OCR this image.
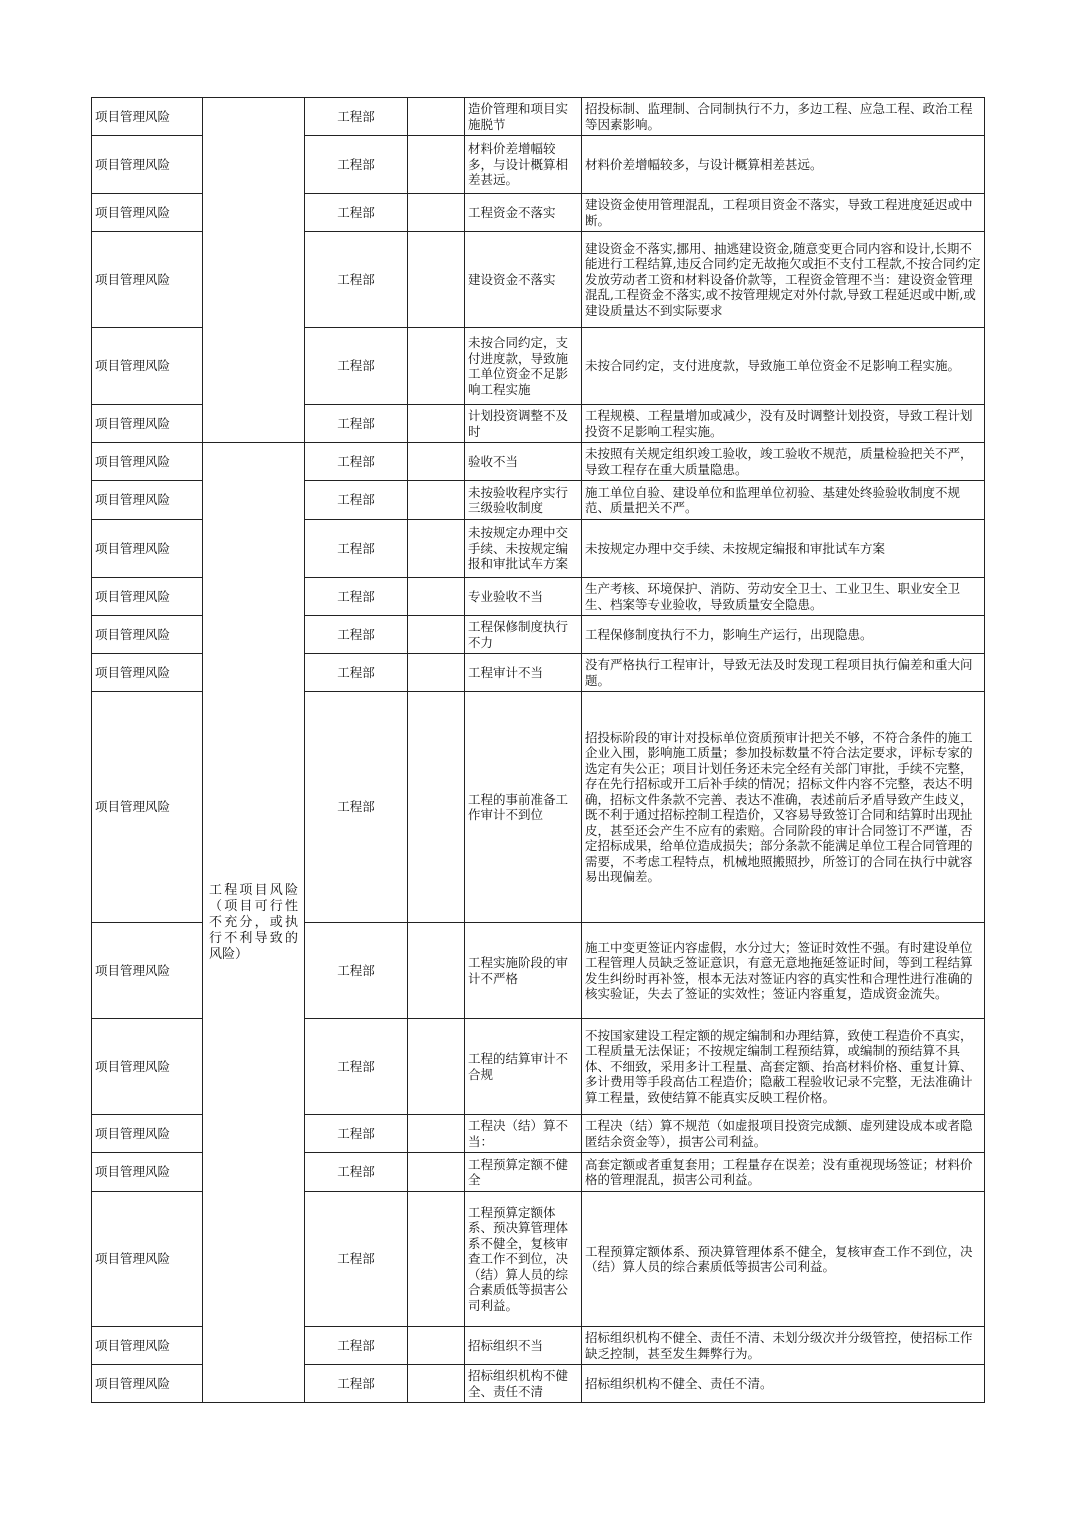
项目管理风险		工程部		造价管理和项目实施脱节	招投标制、监理制、合同制执行不力，多边工程、应急工程、政治工程等因素影响。
项目管理风险		工程部		材料价差增幅较多，与设计概算相差甚远。	材料价差增幅较多，与设计概算相差甚远。
项目管理风险		工程部		工程资金不落实	建设资金使用管理混乱，工程项目资金不落实，导致工程进度延迟或中断。
项目管理风险		工程部		建设资金不落实	建设资金不落实,挪用、抽逃建设资金,随意变更合同内容和设计,长期不能进行工程结算,违反合同约定无故拖欠或拒不支付工程款,不按合同约定发放劳动者工资和材料设备价款等，工程资金管理不当：建设资金管理混乱,工程资金不落实,或不按管理规定对外付款,导致工程延迟或中断,或建设质量达不到实际要求

项目管理风险		工程部		未按合同约定，支付进度款，导致施工单位资金不足影响工程实施	未按合同约定，支付进度款，导致施工单位资金不足影响工程实施。
项目管理风险		工程部		计划投资调整不及时	工程规模、工程量增加或减少，没有及时调整计划投资，导致工程计划投资不足影响工程实施。
项目管理风险	工程项目风险（项目可行性不充分，或执行不利导致的风险）	工程部		验收不当	未按照有关规定组织竣工验收，竣工验收不规范，质量检验把关不严，导致工程存在重大质量隐患。
项目管理风险		工程部		未按验收程序实行三级验收制度	施工单位自验、建设单位和监理单位初验、基建处终验验收制度不规范、质量把关不严。
项目管理风险		工程部		未按规定办理中交手续、未按规定编报和审批试车方案	未按规定办理中交手续、未按规定编报和审批试车方案
项目管理风险		工程部		专业验收不当	生产考核、环境保护、消防、劳动安全卫士、工业卫生、职业安全卫生、档案等专业验收，导致质量安全隐患。
项目管理风险		工程部		工程保修制度执行不力	工程保修制度执行不力，影响生产运行，出现隐患。
项目管理风险		工程部		工程审计不当	没有严格执行工程审计，导致无法及时发现工程项目执行偏差和重大问题。
项目管理风险		工程部		工程的事前准备工作审计不到位	招投标阶段的审计对投标单位资质预审计把关不够，不符合条件的施工企业入围，影响施工质量；参加投标数量不符合法定要求，评标专家的选定有失公正；项目计划任务还未完全经有关部门审批，手续不完整，存在先行招标或开工后补手续的情况；招标文件内容不完整，表达不明确，招标文件条款不完善、表达不准确，表述前后矛盾导致产生歧义，既不利于通过招标控制工程造价，又容易导致签订合同和结算时出现扯皮，甚至还会产生不应有的索赔。合同阶段的审计合同签订不严谨，否定招标成果，给单位造成损失；部分条款不能满足单位工程合同管理的需要，不考虑工程特点，机械地照搬照抄，所签订的合同在执行中就容易出现偏差。

项目管理风险		工程部		工程实施阶段的审计不严格	施工中变更签证内容虚假，水分过大；签证时效性不强。有时建设单位工程管理人员缺乏签证意识，有意无意地拖延签证时间，等到工程结算发生纠纷时再补签，根本无法对签证内容的真实性和合理性进行准确的核实验证，失去了签证的实效性；签证内容重复，造成资金流失。

项目管理风险		工程部		工程的结算审计不合规	不按国家建设工程定额的规定编制和办理结算，致使工程造价不真实，工程质量无法保证；不按规定编制工程预结算，或编制的预结算不具体、不细致，采用多计工程量、高套定额、抬高材料价格、重复计算、多计费用等手段高估工程造价；隐蔽工程验收记录不完整，无法准确计算工程量，致使结算不能真实反映工程价格。

项目管理风险		工程部		工程决（结）算不当：	工程决（结）算不规范（如虚报项目投资完成额、虚列建设成本或者隐匿结余资金等），损害公司利益。
项目管理风险		工程部		工程预算定额不健全	高套定额或者重复套用；工程量存在误差；没有重视现场签证；材料价格的管理混乱，损害公司利益。
项目管理风险		工程部		工程预算定额体系、预决算管理体系不健全，复核审查工作不到位，决（结）算人员的综合素质低等损害公司利益。	工程预算定额体系、预决算管理体系不健全，复核审查工作不到位，决（结）算人员的综合素质低等损害公司利益。
项目管理风险		工程部		招标组织不当	招标组织机构不健全、责任不清、未划分级次并分级管控，使招标工作缺乏控制，甚至发生舞弊行为。
项目管理风险		工程部		招标组织机构不健全、责任不清	招标组织机构不健全、责任不清。
